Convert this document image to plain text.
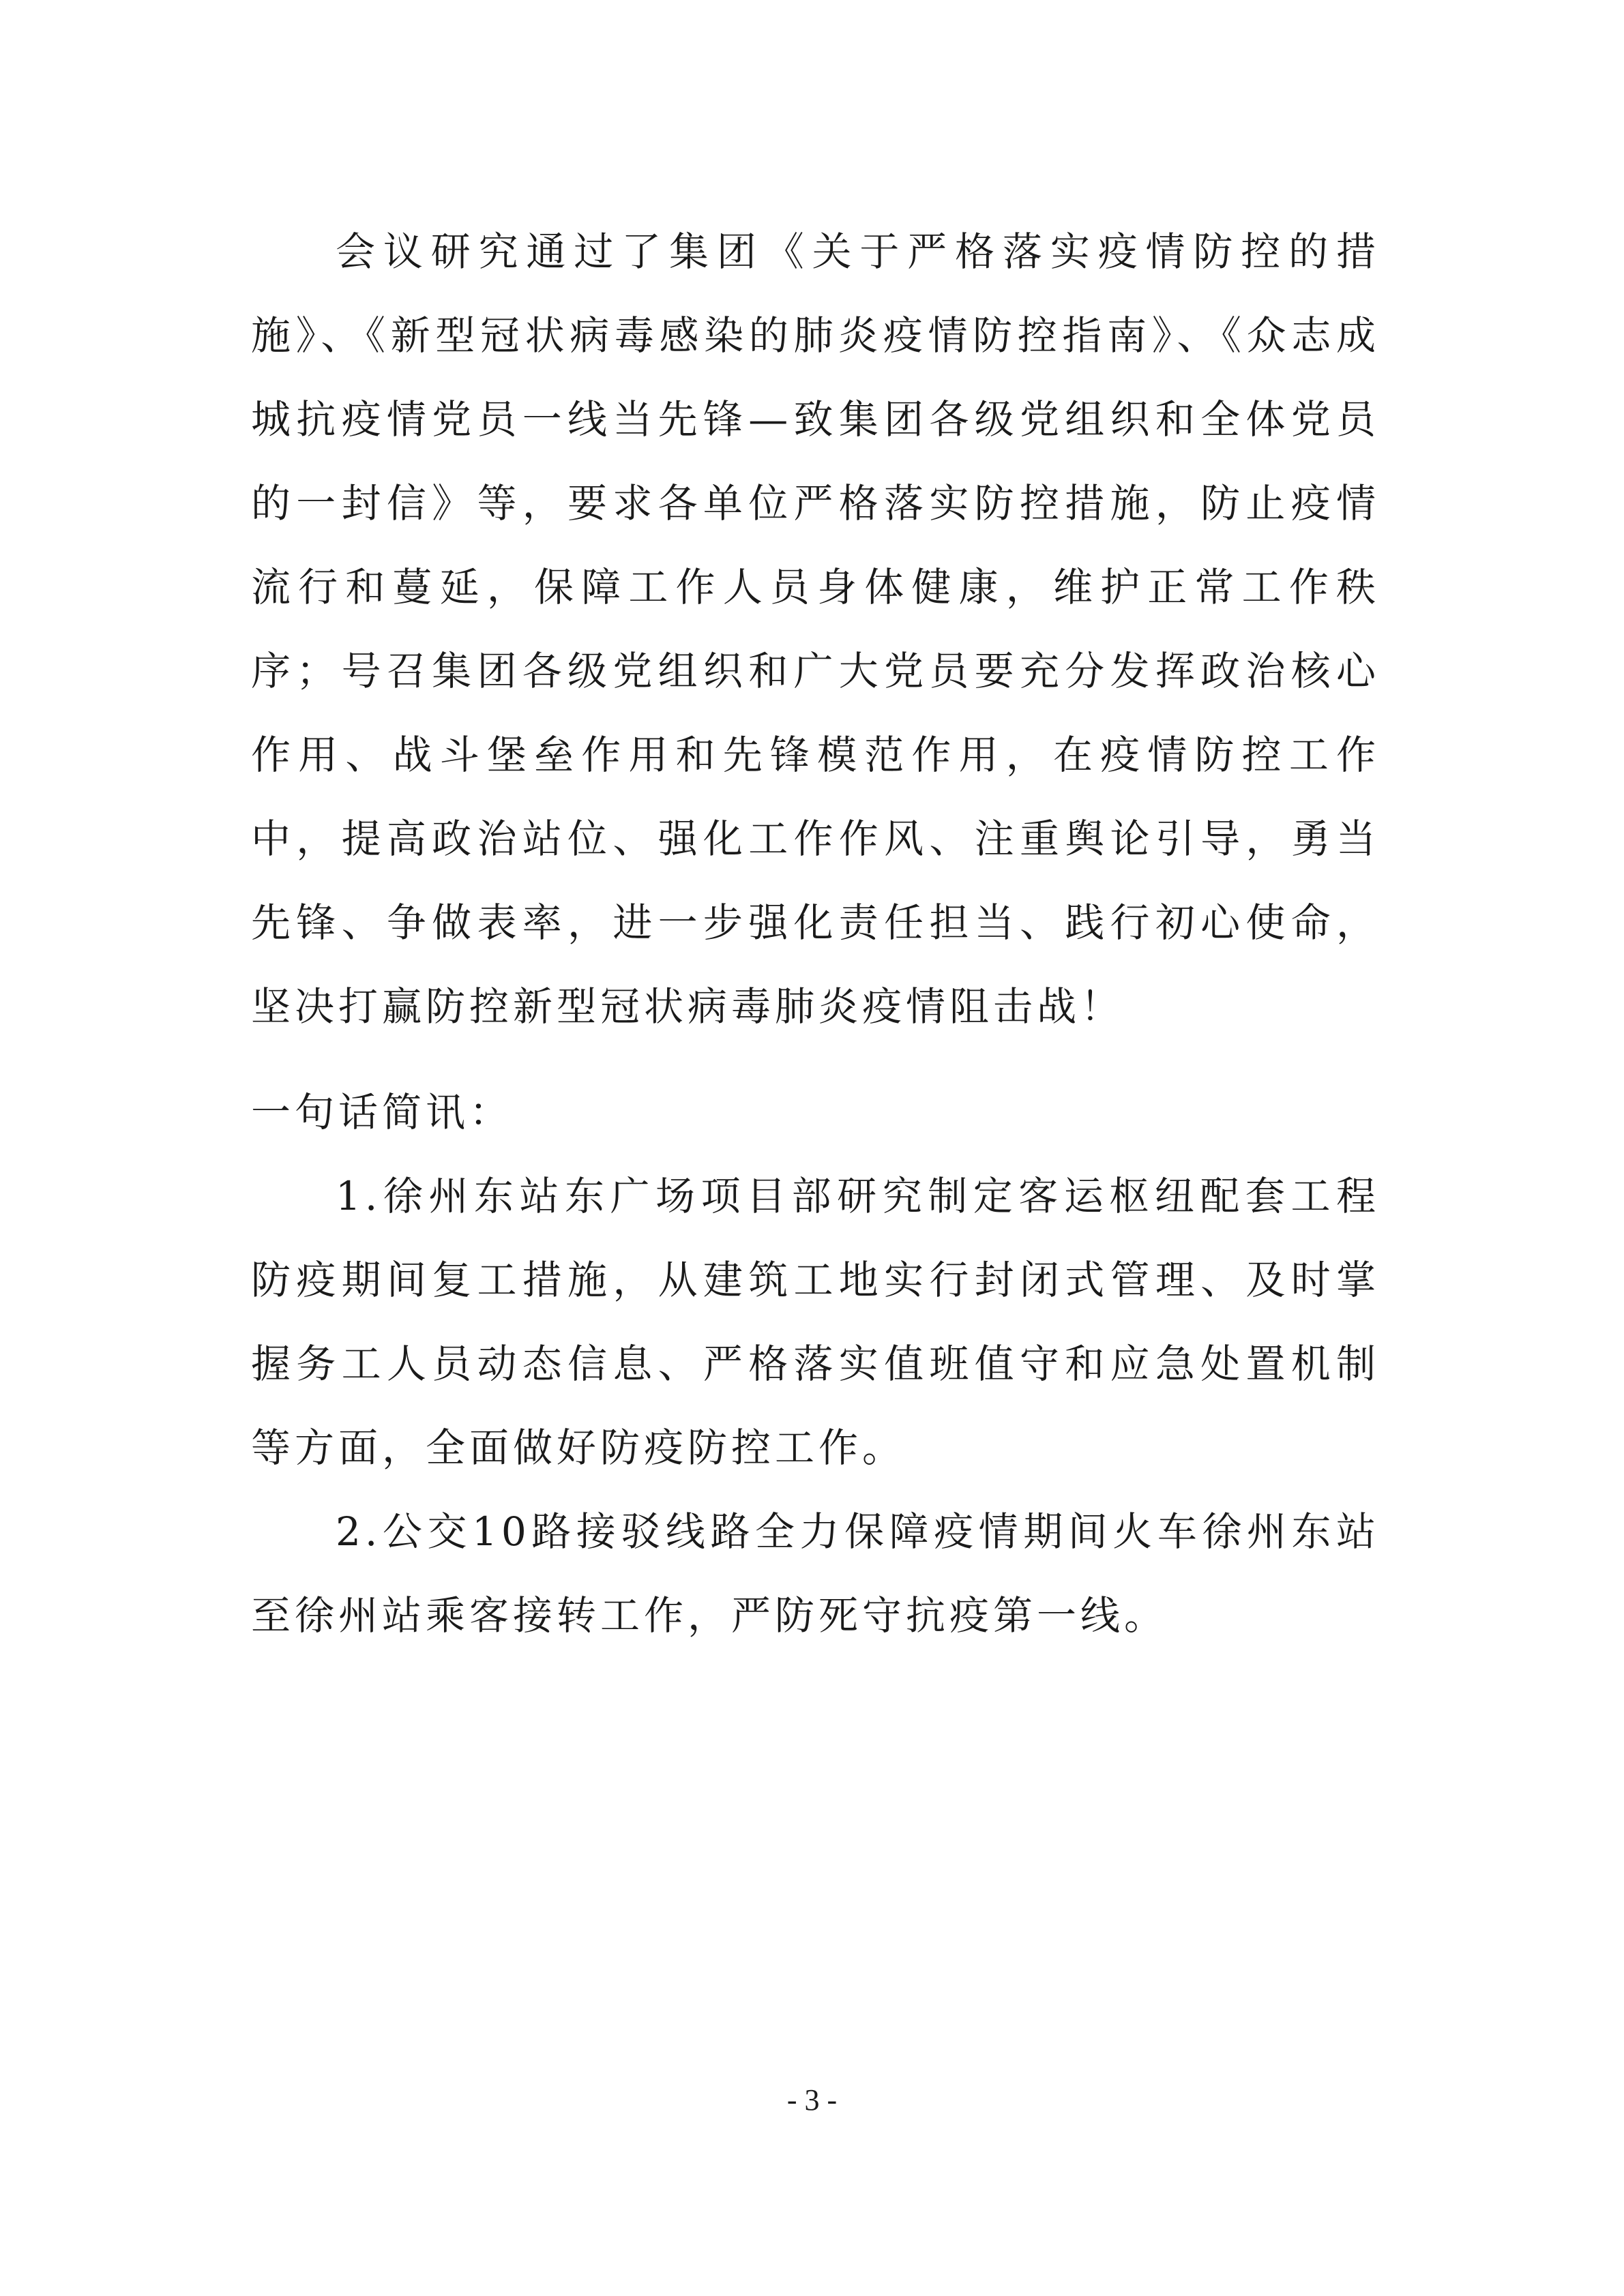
会议研究通过了集团《关于严格落实疫情防控的措施》、《新型冠状病毒感染的肺炎疫情防控指南》、《众志成城抗疫情党员一线当先锋—致集团各级党组织和全体党员的一封信》等，要求各单位严格落实防控措施，防止疫情流行和蔓延，保障工作人员身体健康，维护正常工作秩序；号召集团各级党组织和广大党员要充分发挥政治核心作用、战斗堡垒作用和先锋模范作用，在疫情防控工作中，提高政治站位、强化工作作风、注重舆论引导，勇当先锋、争做表率，进一步强化责任担当、践行初心使命，坚决打赢防控新型冠状病毒肺炎疫情阻击战！

一句话简讯：

1.徐州东站东广场项目部研究制定客运枢纽配套工程防疫期间复工措施，从建筑工地实行封闭式管理、及时掌握务工人员动态信息、严格落实值班值守和应急处置机制等方面，全面做好防疫防控工作。

2.公交10路接驳线路全力保障疫情期间火车徐州东站至徐州站乘客接转工作，严防死守抗疫第一线。

- 3 -
